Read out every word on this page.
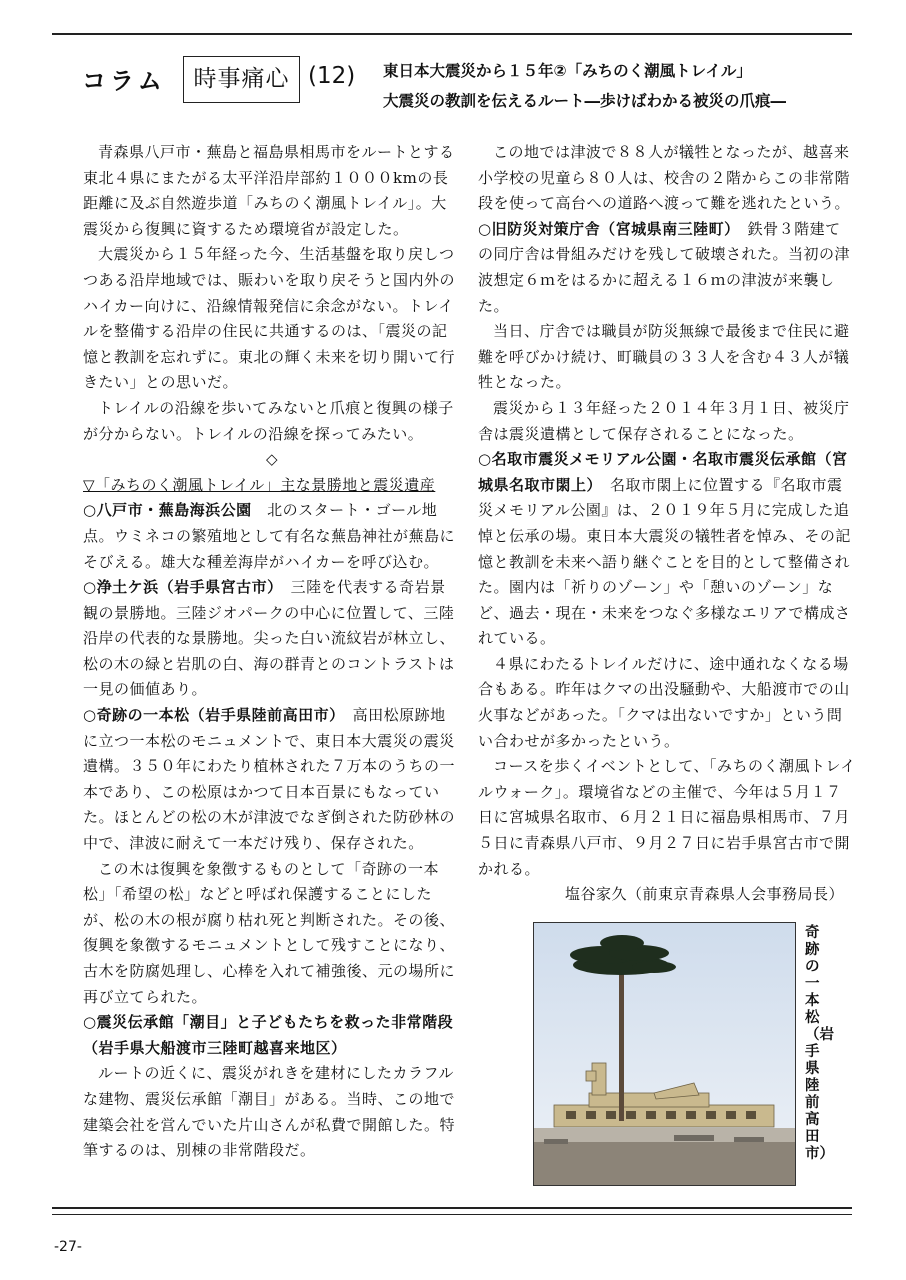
コラム	時事痛心 (12) 東日本大震災から１５年②「みちのく潮風トレイル」
大震災の教訓を伝えるルート―歩けばわかる被災の爪痕―

青森県八戸市・蕪島と福島県相馬市をルートとする東北４県にまたがる太平洋沿岸部約１０００kmの長距離に及ぶ自然遊歩道「みちのく潮風トレイル」。大震災から復興に資するため環境省が設定した。

大震災から１５年経った今、生活基盤を取り戻しつつある沿岸地域では、賑わいを取り戻そうと国内外のハイカー向けに、沿線情報発信に余念がない。トレイルを整備する沿岸の住民に共通するのは、「震災の記憶と教訓を忘れずに。東北の輝く未来を切り開いて行きたい」との思いだ。

トレイルの沿線を歩いてみないと爪痕と復興の様子が分からない。トレイルの沿線を探ってみたい。

◇

▽「みちのく潮風トレイル」主な景勝地と震災遺産

○八戸市・蕪島海浜公園　 北のスタート・ゴール地点。ウミネコの繁殖地として有名な蕪島神社が蕪島にそびえる。雄大な種差海岸がハイカーを呼び込む。

○浄土ケ浜（岩手県宮古市）　 三陸を代表する奇岩景観の景勝地。三陸ジオパークの中心に位置して、三陸沿岸の代表的な景勝地。尖った白い流紋岩が林立し、松の木の緑と岩肌の白、海の群青とのコントラストは一見の価値あり。

○奇跡の一本松（岩手県陸前高田市）　 高田松原跡地に立つ一本松のモニュメントで、東日本大震災の震災遺構。３５０年にわたり植林された７万本のうちの一本であり、この松原はかつて日本百景にもなっていた。ほとんどの松の木が津波でなぎ倒された防砂林の中で、津波に耐えて一本だけ残り、保存された。

この木は復興を象徴するものとして「奇跡の一本松」「希望の松」などと呼ばれ保護することにしたが、松の木の根が腐り枯れ死と判断された。その後、復興を象徴するモニュメントとして残すことになり、古木を防腐処理し、心棒を入れて補強後、元の場所に再び立てられた。

○震災伝承館「潮目」と子どもたちを救った非常階段（岩手県大船渡市三陸町越喜来地区）

ルートの近くに、震災がれきを建材にしたカラフルな建物、震災伝承館「潮目」がある。当時、この地で建築会社を営んでいた片山さんが私費で開館した。特筆するのは、別棟の非常階段だ。

この地では津波で８８人が犠牲となったが、越喜来小学校の児童ら８０人は、校舎の２階からこの非常階段を使って高台への道路へ渡って難を逃れたという。

○旧防災対策庁舎（宮城県南三陸町）　 鉄骨３階建ての同庁舎は骨組みだけを残して破壊された。当初の津波想定６ｍをはるかに超える１６ｍの津波が来襲した。

当日、庁舎では職員が防災無線で最後まで住民に避難を呼びかけ続け、町職員の３３人を含む４３人が犠牲となった。

震災から１３年経った２０１４年３月１日、被災庁舎は震災遺構として保存されることになった。

○名取市震災メモリアル公園・名取市震災伝承館（宮城県名取市閖上）　 名取市閖上に位置する『名取市震災メモリアル公園』は、２０１９年５月に完成した追悼と伝承の場。東日本大震災の犠牲者を悼み、その記憶と教訓を未来へ語り継ぐことを目的として整備された。園内は「祈りのゾーン」や「憩いのゾーン」など、過去・現在・未来をつなぐ多様なエリアで構成されている。

４県にわたるトレイルだけに、途中通れなくなる場合もある。昨年はクマの出没騒動や、大船渡市での山火事などがあった。「クマは出ないですか」という問い合わせが多かったという。

コースを歩くイベントとして、「みちのく潮風トレイルウォーク」。環境省などの主催で、今年は５月１７日に宮城県名取市、６月２１日に福島県相馬市、７月５日に青森県八戸市、９月２７日に岩手県宮古市で開かれる。

塩谷家久（前東京青森県人会事務局長）

奇跡の一本松（岩手県陸前高田市）
-27-
